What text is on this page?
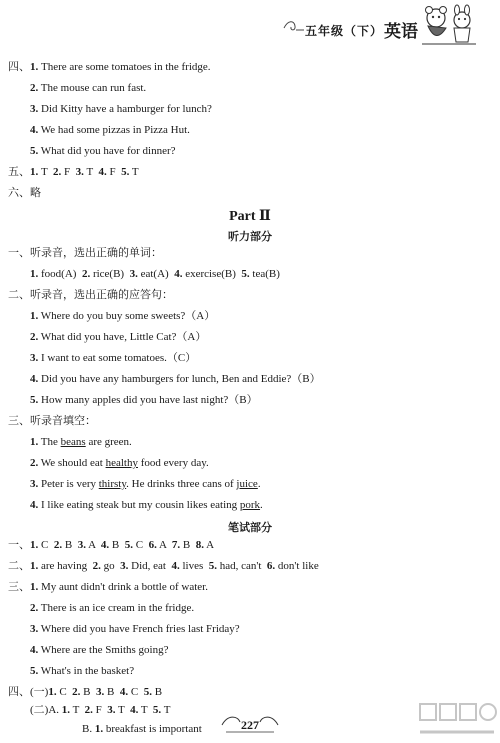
五年级（下） 英语
四、1. There are some tomatoes in the fridge.
2. The mouse can run fast.
3. Did Kitty have a hamburger for lunch?
4. We had some pizzas in Pizza Hut.
5. What did you have for dinner?
五、1. T  2. F  3. T  4. F  5. T
六、略
Part Ⅱ
听力部分
一、听录音，选出正确的单词：
1. food(A)  2. rice(B)  3. eat(A)  4. exercise(B)  5. tea(B)
二、听录音，选出正确的应答句：
1. Where do you buy some sweets?（A）
2. What did you have, Little Cat?（A）
3. I want to eat some tomatoes.（C）
4. Did you have any hamburgers for lunch, Ben and Eddie?（B）
5. How many apples did you have last night?（B）
三、听录音填空：
1. The beans are green.
2. We should eat healthy food every day.
3. Peter is very thirsty. He drinks three cans of juice.
4. I like eating steak but my cousin likes eating pork.
笔试部分
一、1. C  2. B  3. A  4. B  5. C  6. A  7. B  8. A
二、1. are having  2. go  3. Did, eat  4. lives  5. had, can't  6. don't like
三、1. My aunt didn't drink a bottle of water.
2. There is an ice cream in the fridge.
3. Where did you have French fries last Friday?
4. Where are the Smiths going?
5. What's in the basket?
四、(一)1. C  2. B  3. B  4. C  5. B
(二)A. 1. T  2. F  3. T  4. T  5. T
B. 1. breakfast is important	227
